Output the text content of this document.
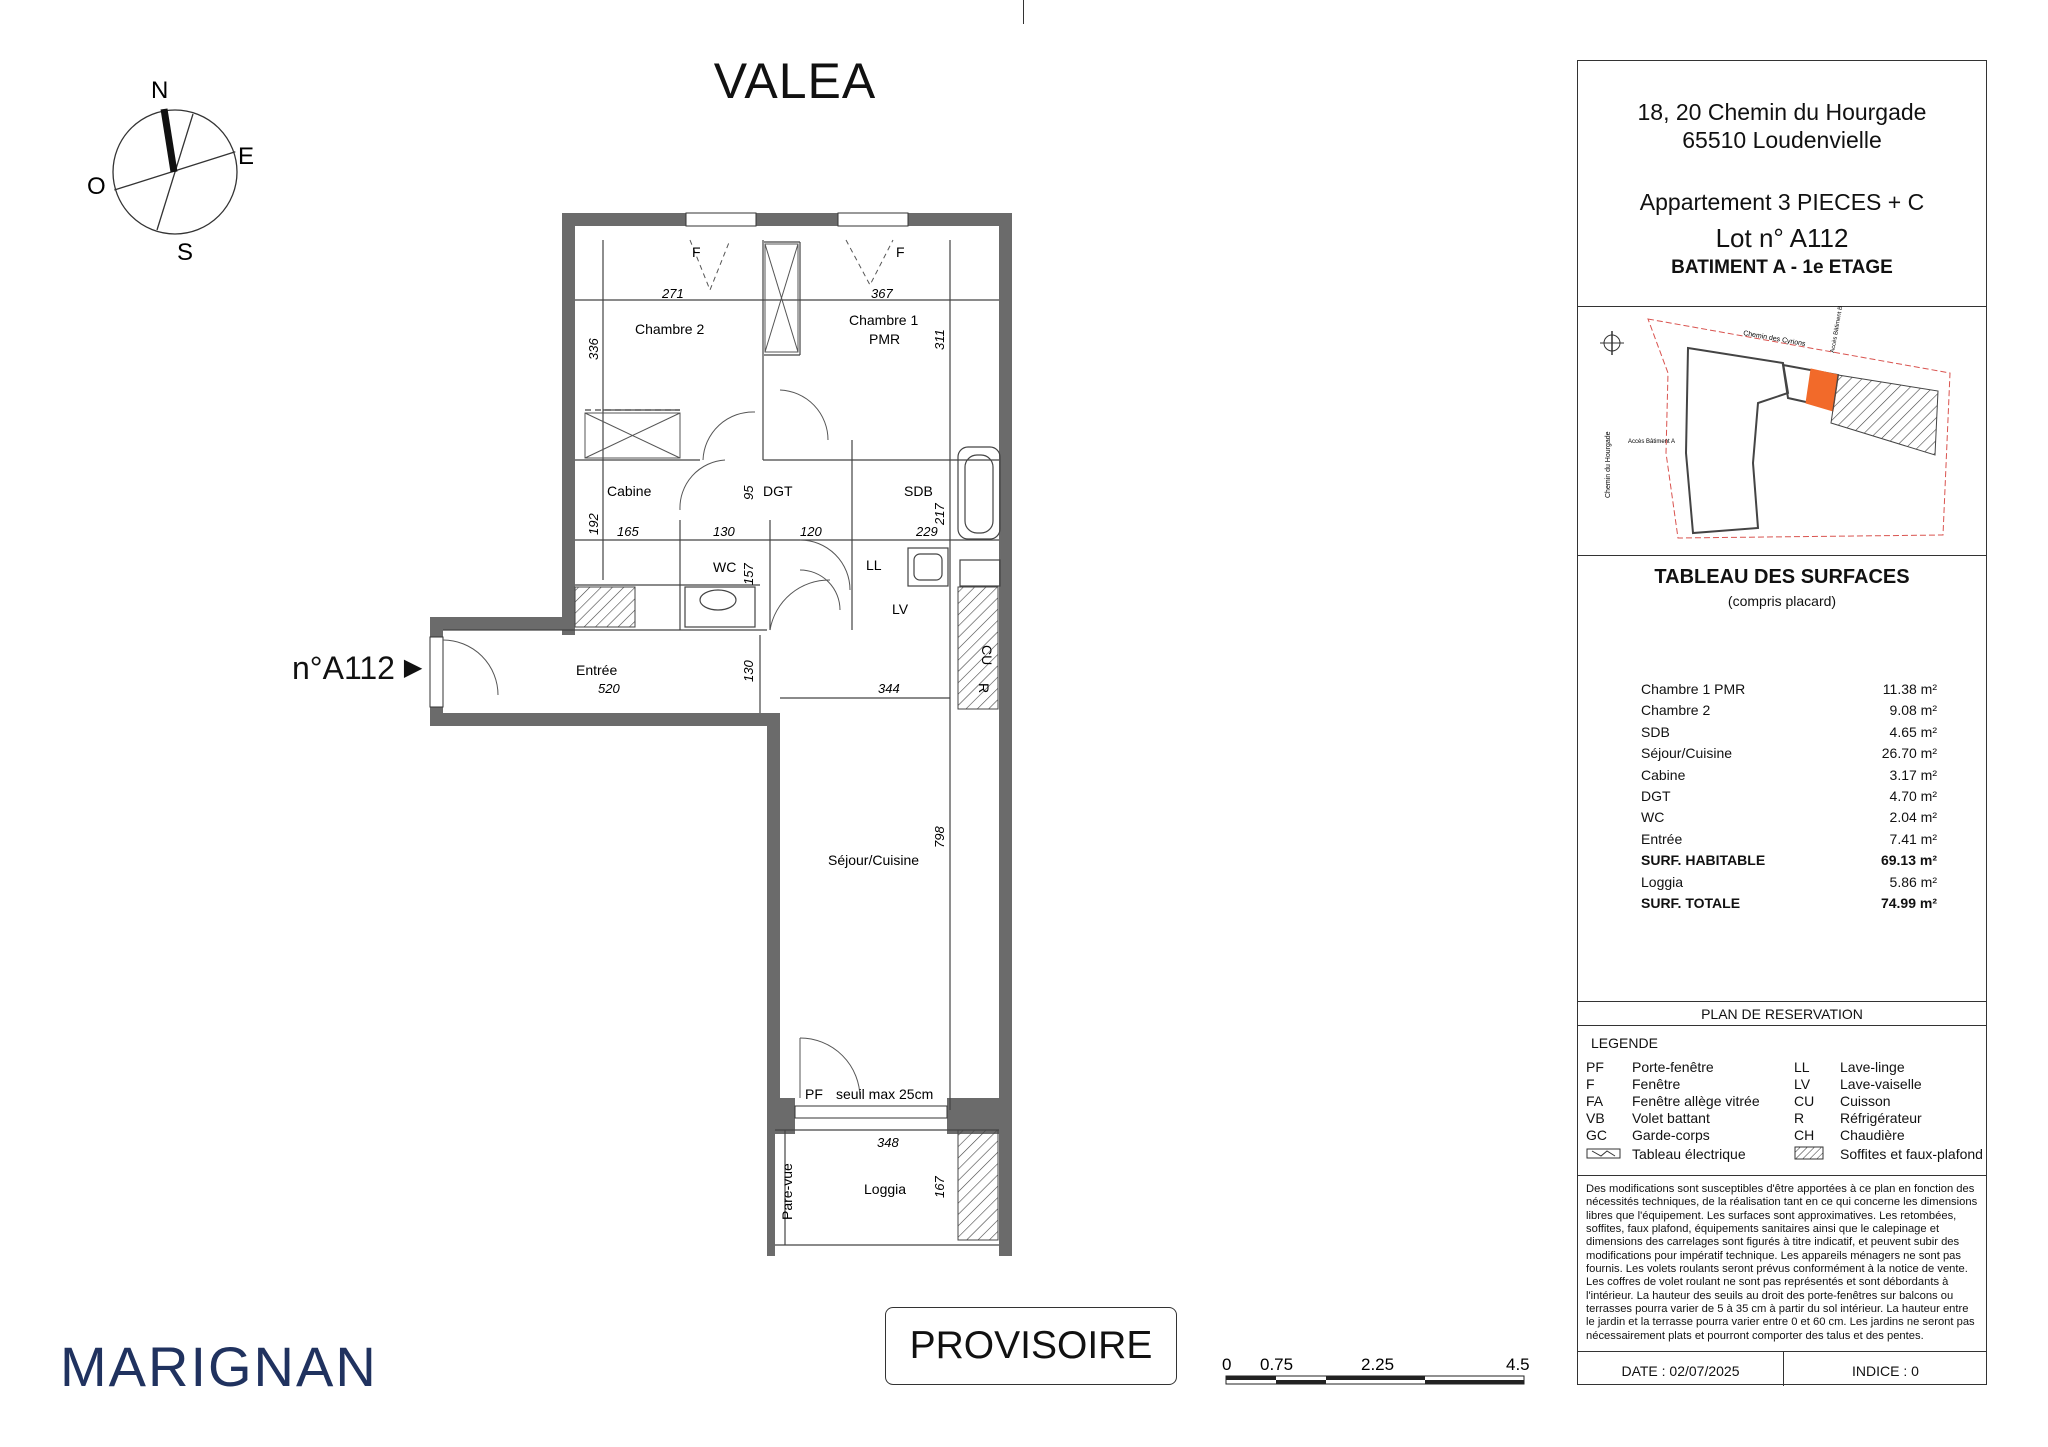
VALEA
N
E
S
O
n°A112 ▶
Chambre 2
Chambre 1
PMR
Cabine	DGT	SDB
WC
Entrée
Séjour/Cuisine
Loggia
LL
LV
CU
R
PF seuil max 25cm
Pare-vue
F	F
271	367
336	311
192 165	130	120	229
217
95
157
520
130
344
798
348
167
18, 20 Chemin du Hourgade
65510 Loudenvielle
Appartement 3 PIECES + C
Lot n° A112
BATIMENT A - 1e ETAGE
Chemin des Cyrions
Chemin du Hourgade	Accès Bâtiment A
Accès Bâtiment B
TABLEAU DES SURFACES
(compris placard)
Chambre 1 PMR	11.38 m²
Chambre 2	9.08 m²
SDB	4.65 m²
Séjour/Cuisine	26.70 m²
Cabine	3.17 m²
DGT	4.70 m²
WC	2.04 m²
Entrée	7.41 m²
SURF. HABITABLE	69.13 m²
Loggia	5.86 m²
SURF. TOTALE	74.99 m²
PLAN DE RESERVATION
LEGENDE
PF	Porte-fenêtre	LL	Lave-linge
F	Fenêtre	LV	Lave-vaiselle
FA	Fenêtre allège vitrée	CU	Cuisson
VB	Volet battant	R	Réfrigérateur
GC	Garde-corps	CH	Chaudière
Tableau électrique	Soffites et faux-plafond
Des modifications sont susceptibles d'être apportées à ce plan en fonction des
nécessités techniques, de la réalisation tant en ce qui concerne les dimensions
libres que l'équipement. Les surfaces sont approximatives. Les retombées,
soffites, faux plafond, équipements sanitaires ainsi que le calepinage et
dimensions des carrelages sont figurés à titre indicatif, et peuvent subir des
modifications pour impératif technique. Les appareils ménagers ne sont pas
fournis. Les volets roulants seront prévus conformément à la notice de vente.
Les coffres de volet roulant ne sont pas représentés et sont débordants à
l'intérieur. La hauteur des seuils au droit des porte-fenêtres sur balcons ou
terrasses pourra varier de 5 à 35 cm à partir du sol intérieur. La hauteur entre
le jardin et la terrasse pourra varier entre 0 et 60 cm. Les jardins ne seront pas
nécessairement plats et pourront comporter des talus et des pentes.
DATE : 02/07/2025	INDICE : 0
PROVISOIRE	0 0.75	2.25	4.5
MARIGNAN
